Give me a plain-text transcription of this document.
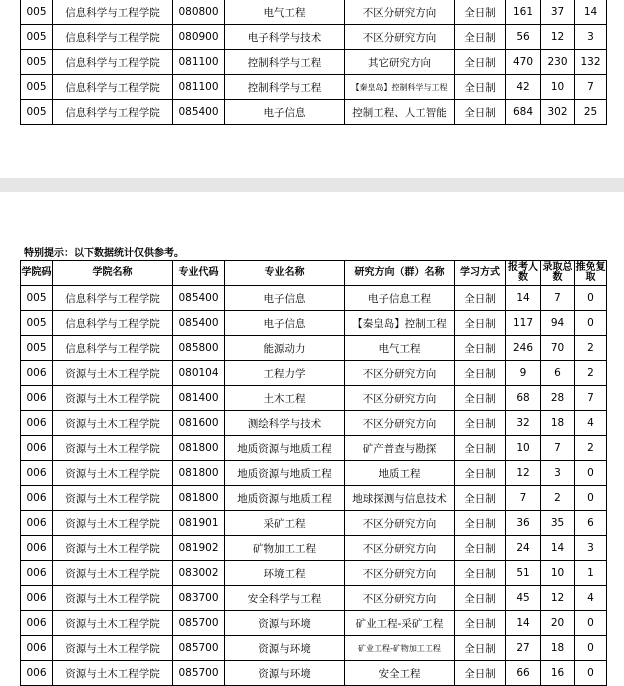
005	信息科学与工程学院	080800	电气工程	不区分研究方向	全日制	161	37	14
005	信息科学与工程学院	080900	电子科学与技术	不区分研究方向	全日制	56	12	3
005	信息科学与工程学院	081100	控制科学与工程	其它研究方向	全日制	470	230	132
005	信息科学与工程学院	081100	控制科学与工程	【秦皇岛】控制科学与工程	全日制	42	10	7
005	信息科学与工程学院	085400	电子信息	控制工程、人工智能	全日制	684	302	25
特别提示：以下数据统计仅供参考。
学院码	学院名称	专业代码	专业名称	研究方向（群）名称	学习方式	报考人数	录取总数	推免复取
005	信息科学与工程学院	085400	电子信息	电子信息工程	全日制	14	7	0
005	信息科学与工程学院	085400	电子信息	【秦皇岛】控制工程	全日制	117	94	0
005	信息科学与工程学院	085800	能源动力	电气工程	全日制	246	70	2
006	资源与土木工程学院	080104	工程力学	不区分研究方向	全日制	9	6	2
006	资源与土木工程学院	081400	土木工程	不区分研究方向	全日制	68	28	7
006	资源与土木工程学院	081600	测绘科学与技术	不区分研究方向	全日制	32	18	4
006	资源与土木工程学院	081800	地质资源与地质工程	矿产普查与勘探	全日制	10	7	2
006	资源与土木工程学院	081800	地质资源与地质工程	地质工程	全日制	12	3	0
006	资源与土木工程学院	081800	地质资源与地质工程	地球探测与信息技术	全日制	7	2	0
006	资源与土木工程学院	081901	采矿工程	不区分研究方向	全日制	36	35	6
006	资源与土木工程学院	081902	矿物加工工程	不区分研究方向	全日制	24	14	3
006	资源与土木工程学院	083002	环境工程	不区分研究方向	全日制	51	10	1
006	资源与土木工程学院	083700	安全科学与工程	不区分研究方向	全日制	45	12	4
006	资源与土木工程学院	085700	资源与环境	矿业工程-采矿工程	全日制	14	20	0
006	资源与土木工程学院	085700	资源与环境	矿业工程-矿物加工工程	全日制	27	18	0
006	资源与土木工程学院	085700	资源与环境	安全工程	全日制	66	16	0
